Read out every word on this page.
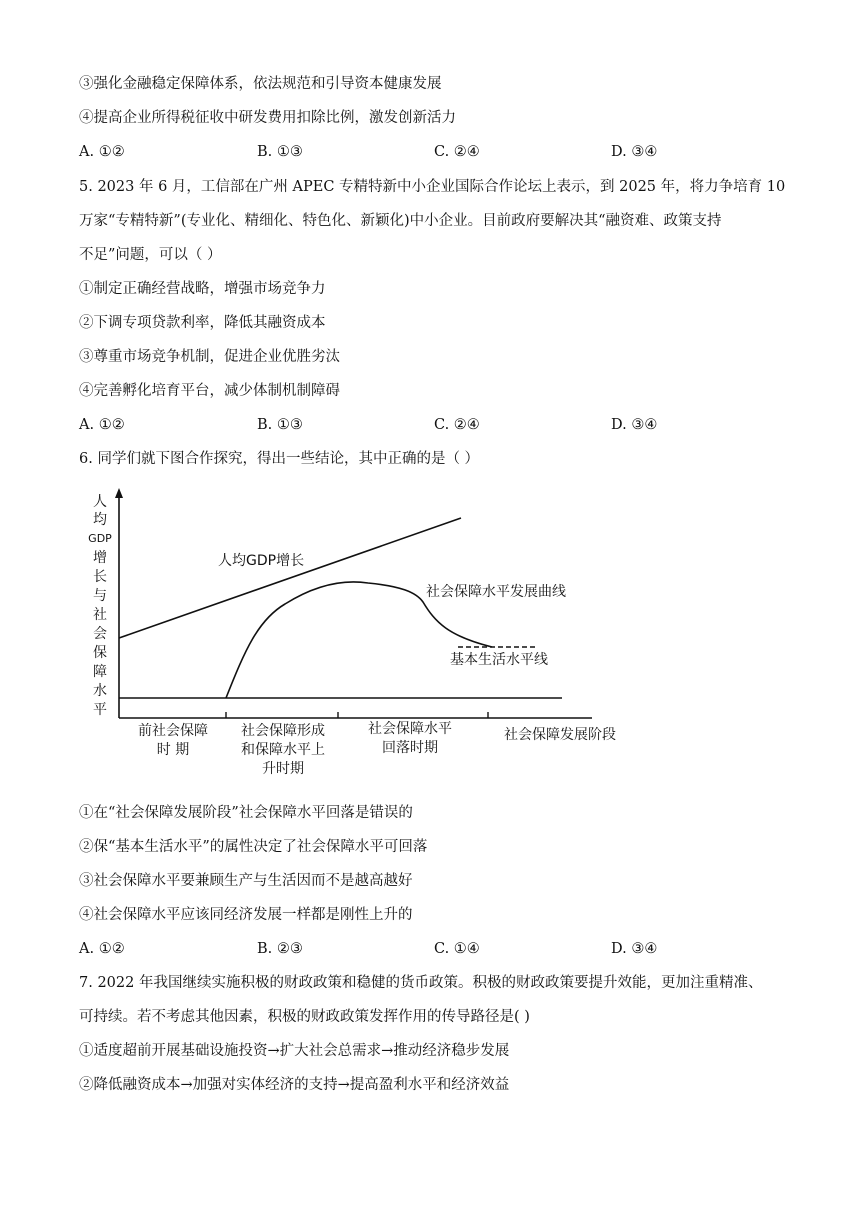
③强化金融稳定保障体系，依法规范和引导资本健康发展
④提高企业所得税征收中研发费用扣除比例，激发创新活力
A. ①②	B. ①③	C. ②④	D. ③④
5. 2023 年 6 月，工信部在广州 APEC 专精特新中小企业国际合作论坛上表示，到 2025 年，将力争培育 10
万家“专精特新”(专业化、精细化、特色化、新颖化)中小企业。目前政府要解决其“融资难、政策支持
不足”问题，可以（ ）
①制定正确经营战略，增强市场竞争力
②下调专项贷款利率，降低其融资成本
③尊重市场竞争机制，促进企业优胜劣汰
④完善孵化培育平台，减少体制机制障碍
A. ①②	B. ①③	C. ②④	D. ③④
6. 同学们就下图合作探究，得出一些结论，其中正确的是（ ）
人
均
GDP
增
长
与
社
会
保
障
水
平
人均GDP增长
社会保障水平发展曲线
基本生活水平线
前社会保障
时 期
社会保障形成
和保障水平上
升时期
社会保障水平
回落时期
社会保障发展阶段
①在“社会保障发展阶段”社会保障水平回落是错误的
②保“基本生活水平”的属性决定了社会保障水平可回落
③社会保障水平要兼顾生产与生活因而不是越高越好
④社会保障水平应该同经济发展一样都是刚性上升的
A. ①②	B. ②③	C. ①④	D. ③④
7. 2022 年我国继续实施积极的财政政策和稳健的货币政策。积极的财政政策要提升效能，更加注重精准、
可持续。若不考虑其他因素，积极的财政政策发挥作用的传导路径是( )
①适度超前开展基础设施投资→扩大社会总需求→推动经济稳步发展
②降低融资成本→加强对实体经济的支持→提高盈利水平和经济效益
